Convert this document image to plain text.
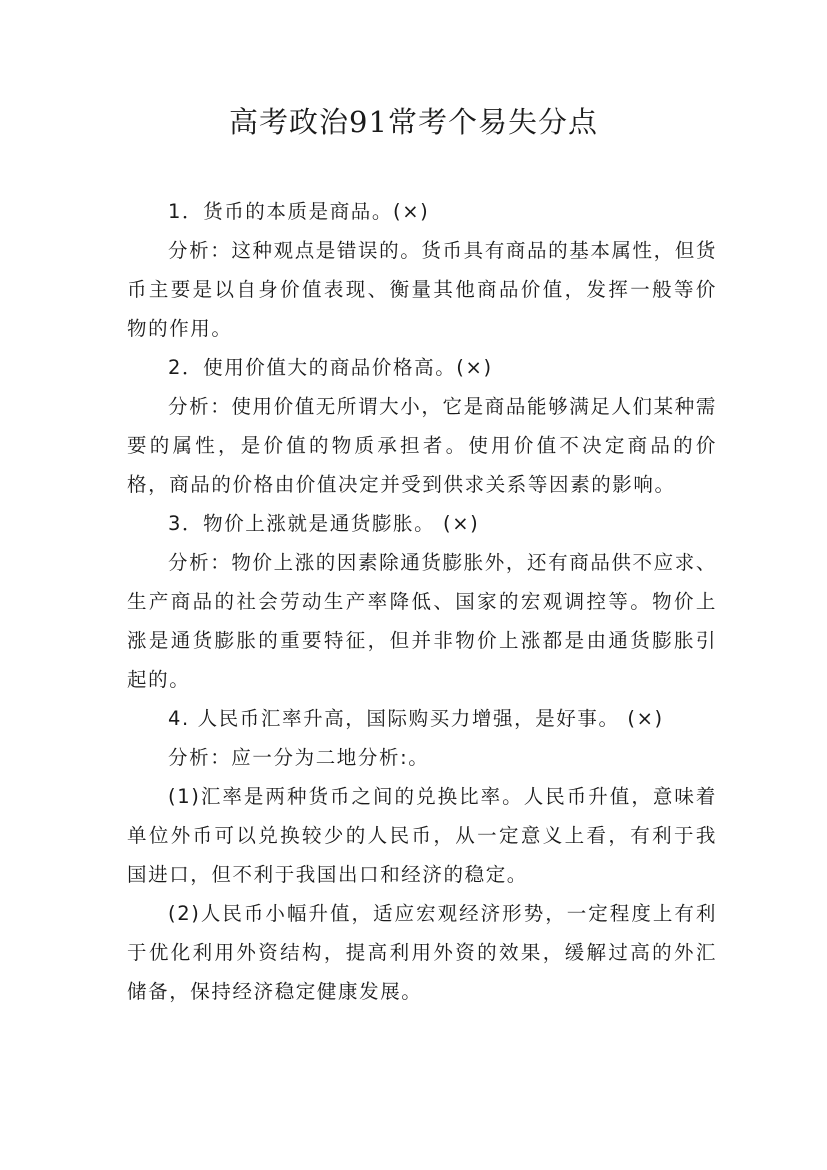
高考政治91常考个易失分点

1．货币的本质是商品。(×)

分析：这种观点是错误的。货币具有商品的基本属性，但货币主要是以自身价值表现、衡量其他商品价值，发挥一般等价物的作用。

2．使用价值大的商品价格高。(×)

分析：使用价值无所谓大小，它是商品能够满足人们某种需要的属性，是价值的物质承担者。使用价值不决定商品的价格，商品的价格由价值决定并受到供求关系等因素的影响。

3．物价上涨就是通货膨胀。 (×)

分析：物价上涨的因素除通货膨胀外，还有商品供不应求、生产商品的社会劳动生产率降低、国家的宏观调控等。物价上涨是通货膨胀的重要特征，但并非物价上涨都是由通货膨胀引起的。

4. 人民币汇率升高，国际购买力增强，是好事。 (×)

分析：应一分为二地分析:。

(1)汇率是两种货币之间的兑换比率。人民币升值，意味着单位外币可以兑换较少的人民币，从一定意义上看，有利于我国进口，但不利于我国出口和经济的稳定。

(2)人民币小幅升值，适应宏观经济形势，一定程度上有利于优化利用外资结构，提高利用外资的效果，缓解过高的外汇储备，保持经济稳定健康发展。
